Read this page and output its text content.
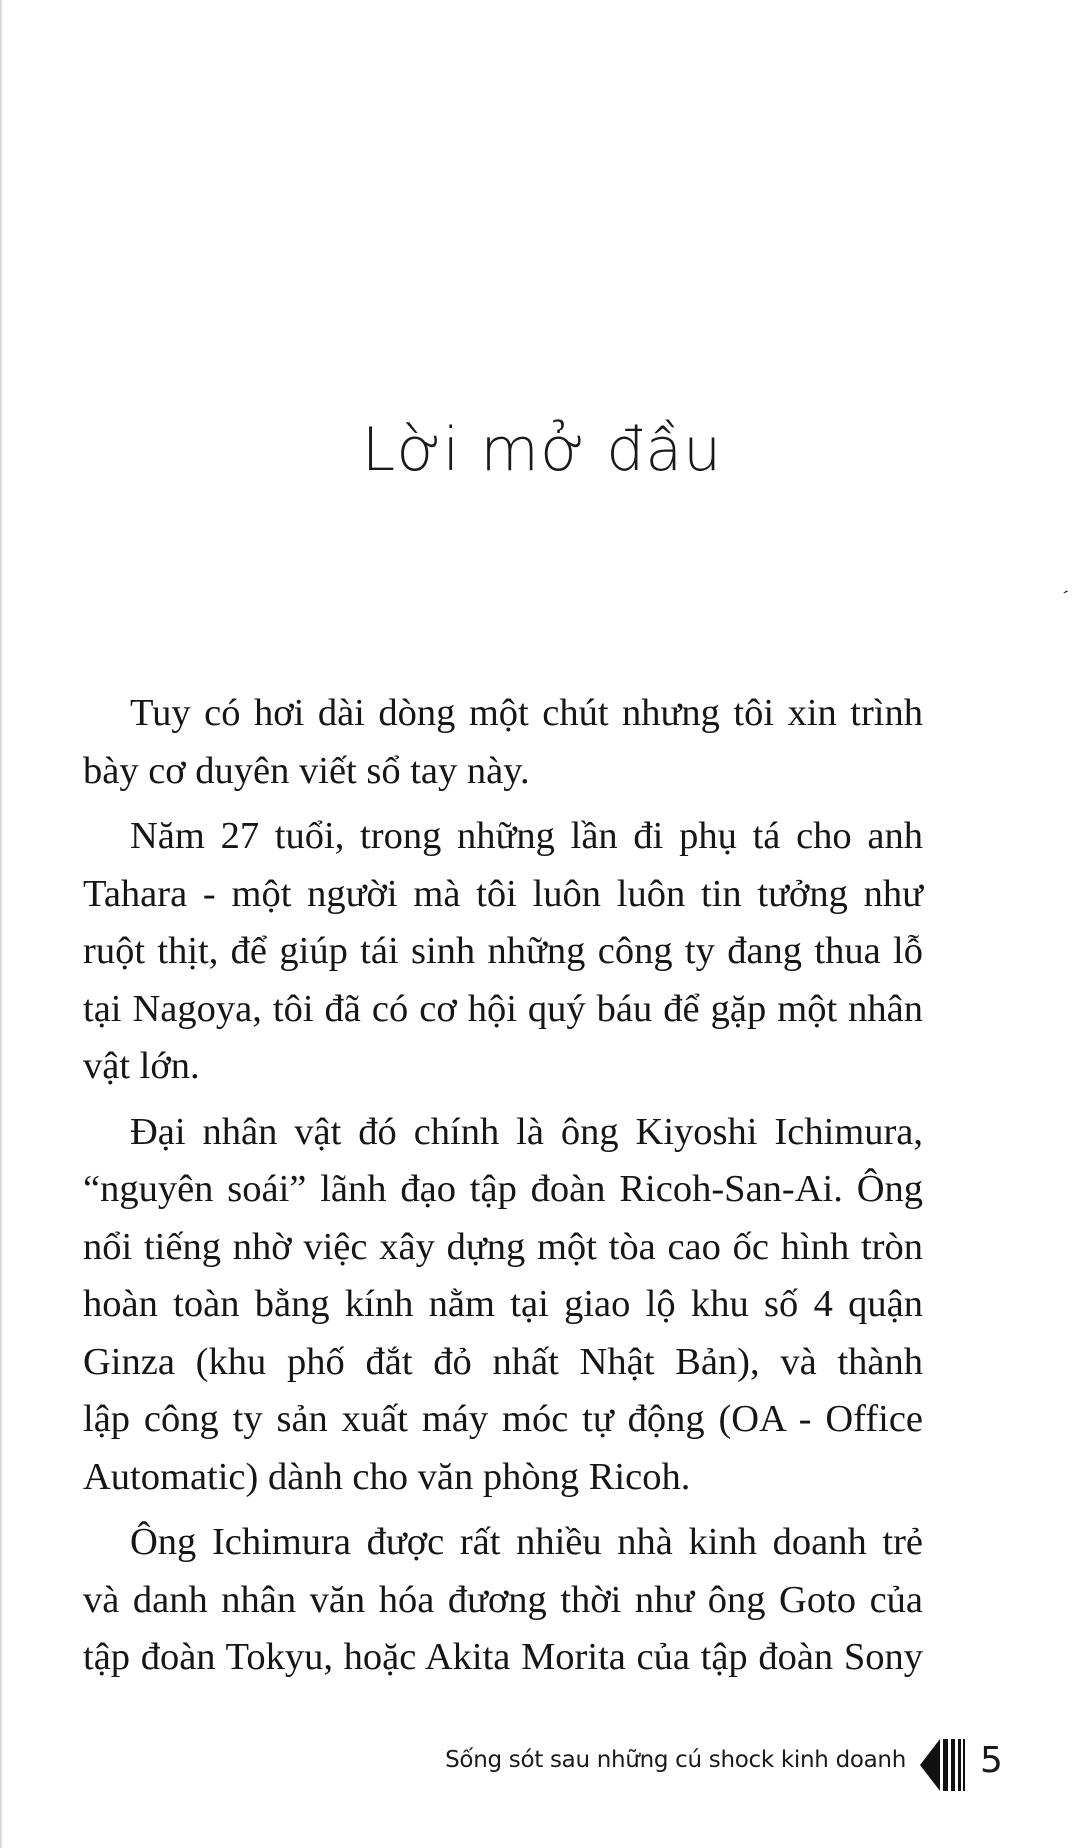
Lời mở đầu
´

Tuy có hơi dài dòng một chút nhưng tôi xin trình
bày cơ duyên viết sổ tay này.

Năm 27 tuổi, trong những lần đi phụ tá cho anh
Tahara - một người mà tôi luôn luôn tin tưởng như
ruột thịt, để giúp tái sinh những công ty đang thua lỗ
tại Nagoya, tôi đã có cơ hội quý báu để gặp một nhân
vật lớn.

Đại nhân vật đó chính là ông Kiyoshi Ichimura,
“nguyên soái” lãnh đạo tập đoàn Ricoh-San-Ai. Ông
nổi tiếng nhờ việc xây dựng một tòa cao ốc hình tròn
hoàn toàn bằng kính nằm tại giao lộ khu số 4 quận
Ginza (khu phố đắt đỏ nhất Nhật Bản), và thành
lập công ty sản xuất máy móc tự động (OA - Office
Automatic) dành cho văn phòng Ricoh.

Ông Ichimura được rất nhiều nhà kinh doanh trẻ
và danh nhân văn hóa đương thời như ông Goto của
tập đoàn Tokyu, hoặc Akita Morita của tập đoàn Sony

Sống sót sau những cú shock kinh doanh 5
